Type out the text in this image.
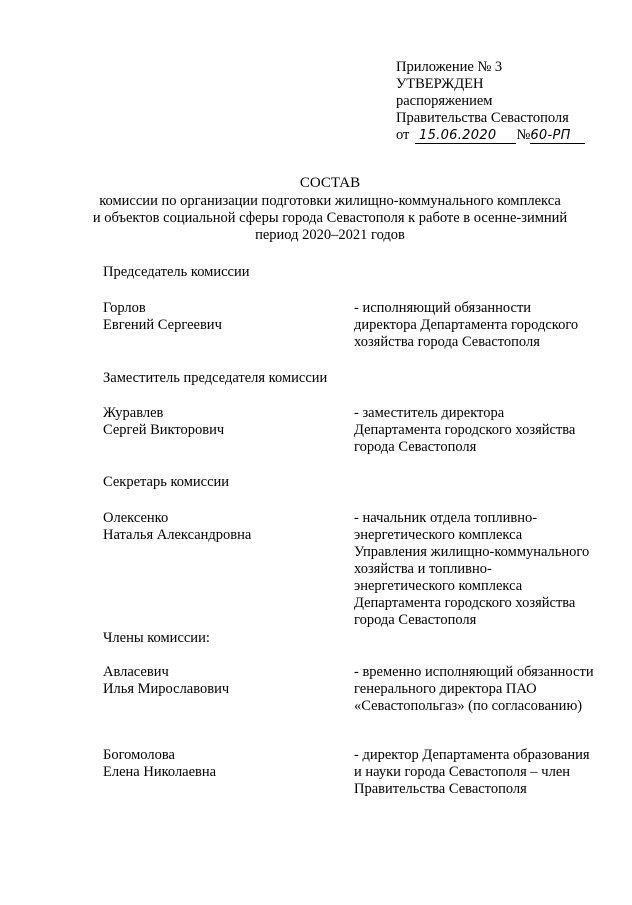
Приложение № 3
УТВЕРЖДЕН
распоряжением
Правительства Севастополя
от 15.06.2020 №60-РП
СОСТАВ
комиссии по организации подготовки жилищно-коммунального комплекса
и объектов социальной сферы города Севастополя к работе в осенне-зимний
период 2020–2021 годов
Председатель комиссии
Горлов
Евгений Сергеевич
- исполняющий обязанности
директора Департамента городского
хозяйства города Севастополя
Заместитель председателя комиссии
Журавлев
Сергей Викторович
- заместитель директора
Департамента городского хозяйства
города Севастополя
Секретарь комиссии
Олексенко
Наталья Александровна
- начальник отдела топливно-
энергетического комплекса
Управления жилищно-коммунального
хозяйства и топливно-
энергетического комплекса
Департамента городского хозяйства
города Севастополя
Члены комиссии:
Авласевич
Илья Мирославович
- временно исполняющий обязанности
генерального директора ПАО
«Севастопольгаз» (по согласованию)
Богомолова
Елена Николаевна
- директор Департамента образования
и науки города Севастополя – член
Правительства Севастополя
